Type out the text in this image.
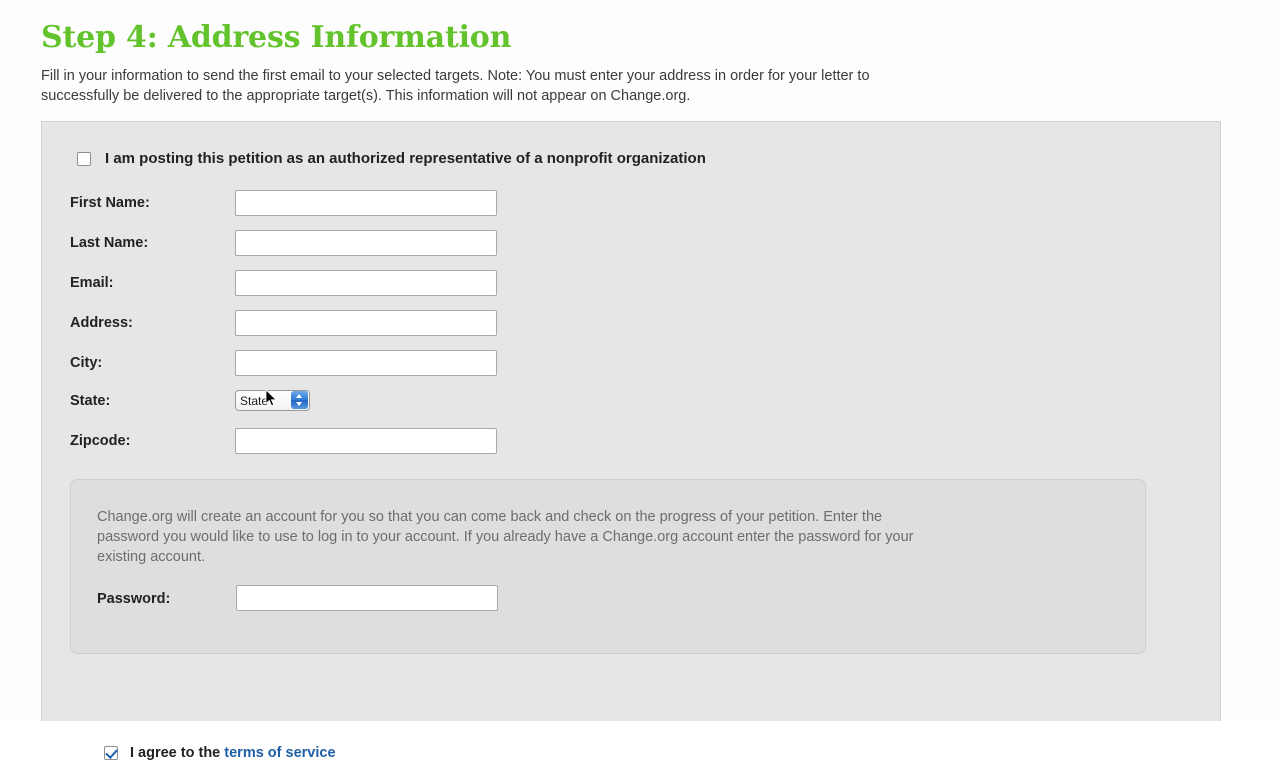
Step 4: Address Information
Fill in your information to send the first email to your selected targets. Note: You must enter your address in order for your letter to successfully be delivered to the appropriate target(s). This information will not appear on Change.org.
I am posting this petition as an authorized representative of a nonprofit organization
First Name:
Last Name:
Email:
Address:
City:
State:
State
Zipcode:
Change.org will create an account for you so that you can come back and check on the progress of your petition. Enter the password you would like to use to log in to your account. If you already have a Change.org account enter the password for your existing account.
Password:
I agree to the terms of service
